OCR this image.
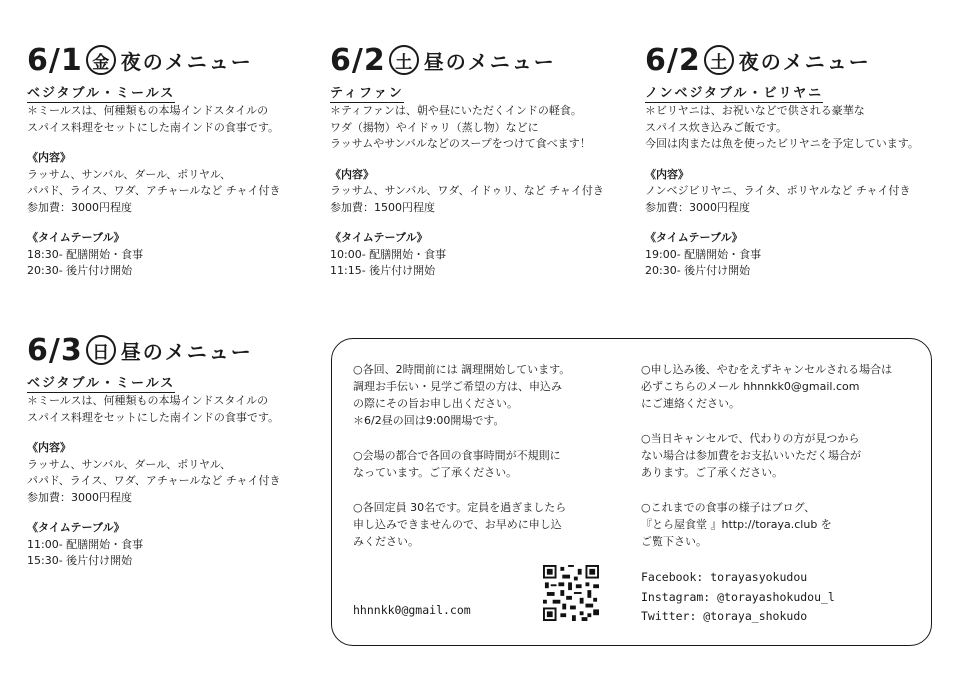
6/1 金 夜のメニュー
ベジタブル・ミールス
＊ミールスは、何種類もの本場インドスタイルの
スパイス料理をセットにした南インドの食事です。
《内容》
ラッサム、サンバル、ダール、ポリヤル、
パパド、ライス、ワダ、アチャールなど チャイ付き
参加費：3000円程度
《タイムテーブル》
18:30- 配膳開始・食事
20:30- 後片付け開始
6/2 土 昼のメニュー
ティファン
＊ティファンは、朝や昼にいただくインドの軽食。
ワダ（揚物）やイドゥリ（蒸し物）などに
ラッサムやサンバルなどのスープをつけて食べます！
《内容》
ラッサム、サンバル、ワダ、イドゥリ、など チャイ付き
参加費：1500円程度
《タイムテーブル》
10:00- 配膳開始・食事
11:15- 後片付け開始
6/2 土 夜のメニュー
ノンベジタブル・ビリヤニ
＊ビリヤニは、お祝いなどで供される豪華な
スパイス炊き込みご飯です。
今回は肉または魚を使ったビリヤニを予定しています。
《内容》
ノンベジビリヤニ、ライタ、ポリヤルなど チャイ付き
参加費：3000円程度
《タイムテーブル》
19:00- 配膳開始・食事
20:30- 後片付け開始
6/3 日 昼のメニュー
ベジタブル・ミールス
＊ミールスは、何種類もの本場インドスタイルの
スパイス料理をセットにした南インドの食事です。
《内容》
ラッサム、サンバル、ダール、ポリヤル、
パパド、ライス、ワダ、アチャールなど チャイ付き
参加費：3000円程度
《タイムテーブル》
11:00- 配膳開始・食事
15:30- 後片付け開始
○各回、2時間前には 調理開始しています。
調理お手伝い・見学ご希望の方は、申込み
の際にその旨お申し出ください。
＊6/2昼の回は9:00開場です。
○会場の都合で各回の食事時間が不規則に
なっています。ご了承ください。
○各回定員 30名です。定員を過ぎましたら
申し込みできませんので、お早めに申し込
みください。
hhnnkk0@gmail.com
○申し込み後、やむをえずキャンセルされる場合は
必ずこちらのメール hhnnkk0@gmail.com
にご連絡ください。
○当日キャンセルで、代わりの方が見つから
ない場合は参加費をお支払いいただく場合が
あります。ご了承ください。
○これまでの食事の様子はブログ、
『とら屋食堂 』http://toraya.club を
ご覧下さい。
Facebook: torayasyokudou
Instagram: @torayashokudou_l
Twitter: @toraya_shokudo
